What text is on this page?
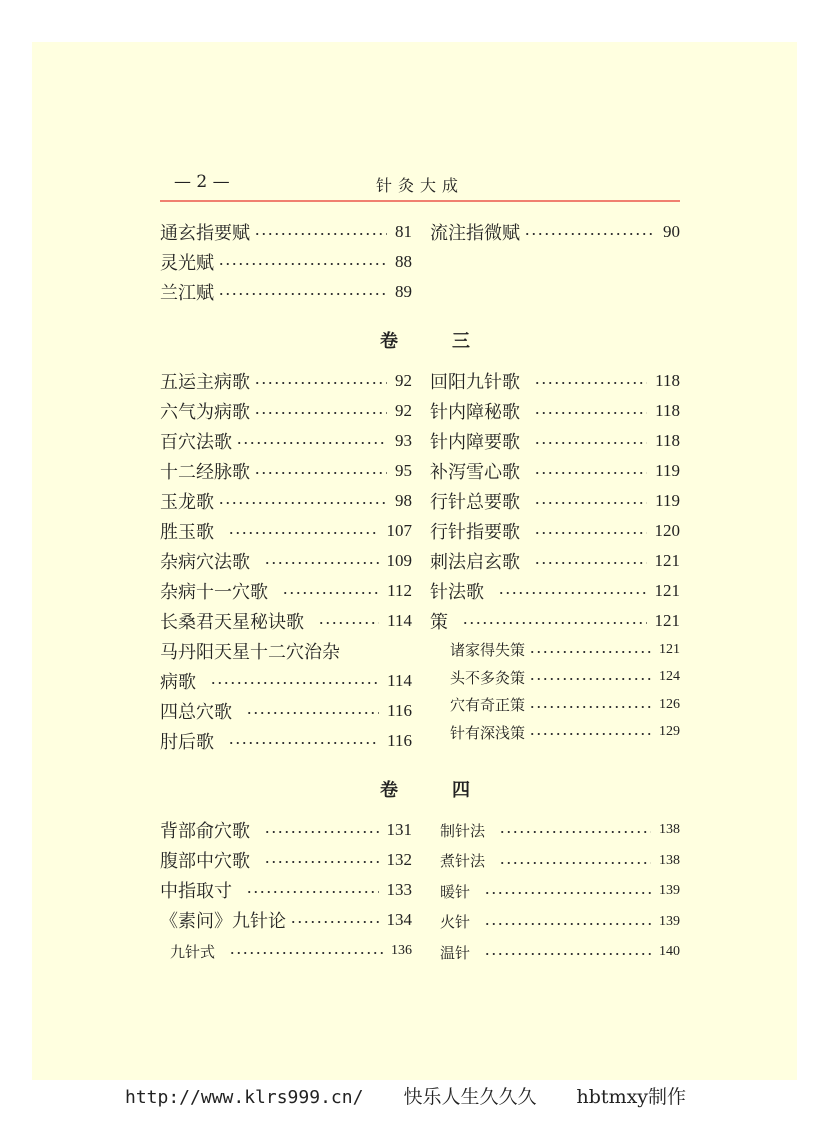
— 2 —	针灸大成
通玄指要赋	81
灵光赋	88
兰江赋	89
流注指微赋	90
卷	三
五运主病歌	92
六气为病歌	92
百穴法歌	93
十二经脉歌	95
玉龙歌	98
胜玉歌	107
杂病穴法歌	109
杂病十一穴歌	112
长桑君天星秘诀歌	114
马丹阳天星十二穴治杂
病歌	114
四总穴歌	116
肘后歌	116
回阳九针歌	118
针内障秘歌	118
针内障要歌	118
补泻雪心歌	119
行针总要歌	119
行针指要歌	120
刺法启玄歌	121
针法歌	121
策	121
诸家得失策	121
头不多灸策	124
穴有奇正策	126
针有深浅策	129
卷	四
背部俞穴歌	131
腹部中穴歌	132
中指取寸	133
《素问》九针论	134
九针式	136
制针法	138
煮针法	138
暖针	139
火针	139
温针	140
http://www.klrs999.cn/ 快乐人生久久久 hbtmxy制作
